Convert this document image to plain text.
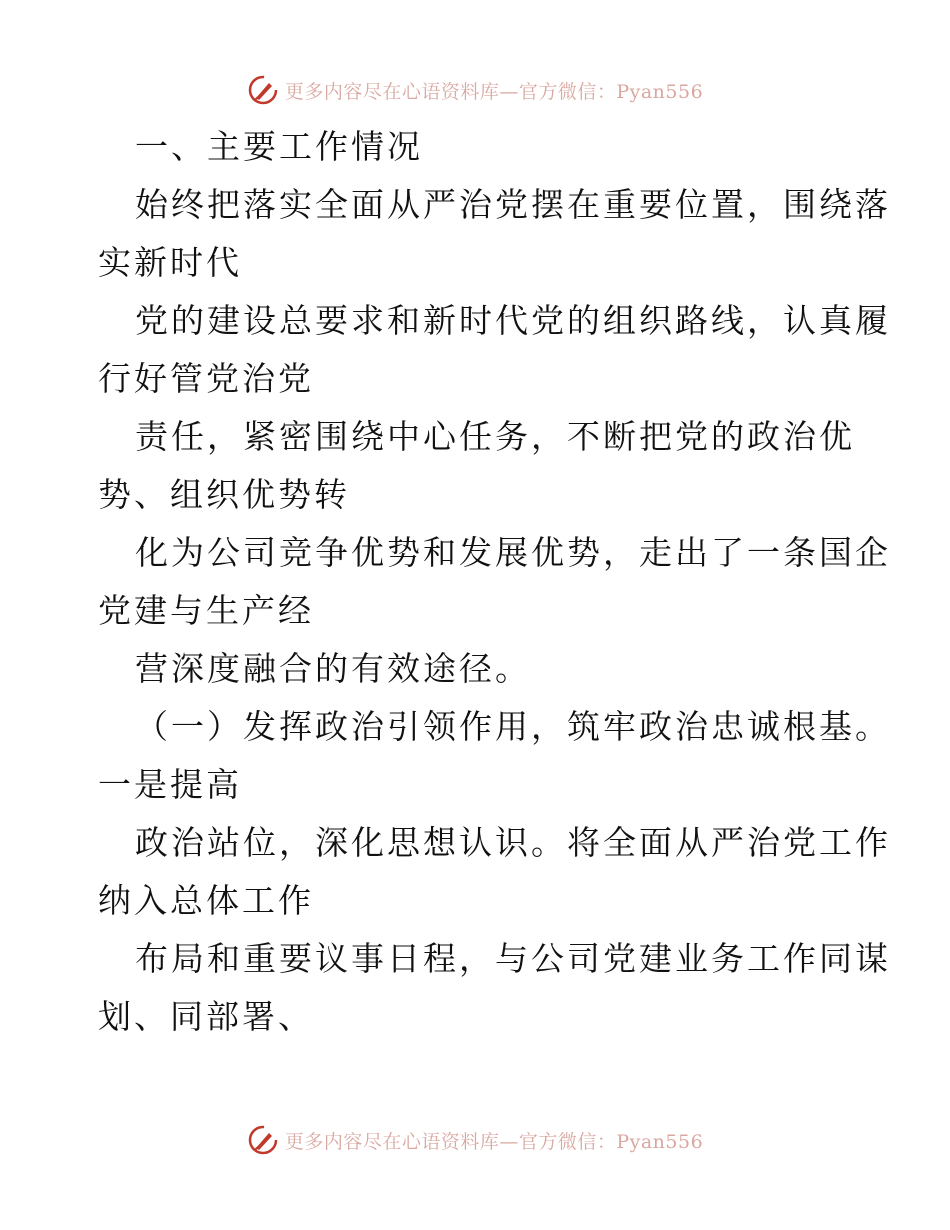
更多内容尽在心语资料库—官方微信：Pyan556
一、主要工作情况
始终把落实全面从严治党摆在重要位置，围绕落
实新时代
党的建设总要求和新时代党的组织路线，认真履
行好管党治党
责任，紧密围绕中心任务，不断把党的政治优
势、组织优势转
化为公司竞争优势和发展优势，走出了一条国企
党建与生产经
营深度融合的有效途径。
（一）发挥政治引领作用，筑牢政治忠诚根基。
一是提高
政治站位，深化思想认识。将全面从严治党工作
纳入总体工作
布局和重要议事日程，与公司党建业务工作同谋
划、同部署、
更多内容尽在心语资料库—官方微信：Pyan556
